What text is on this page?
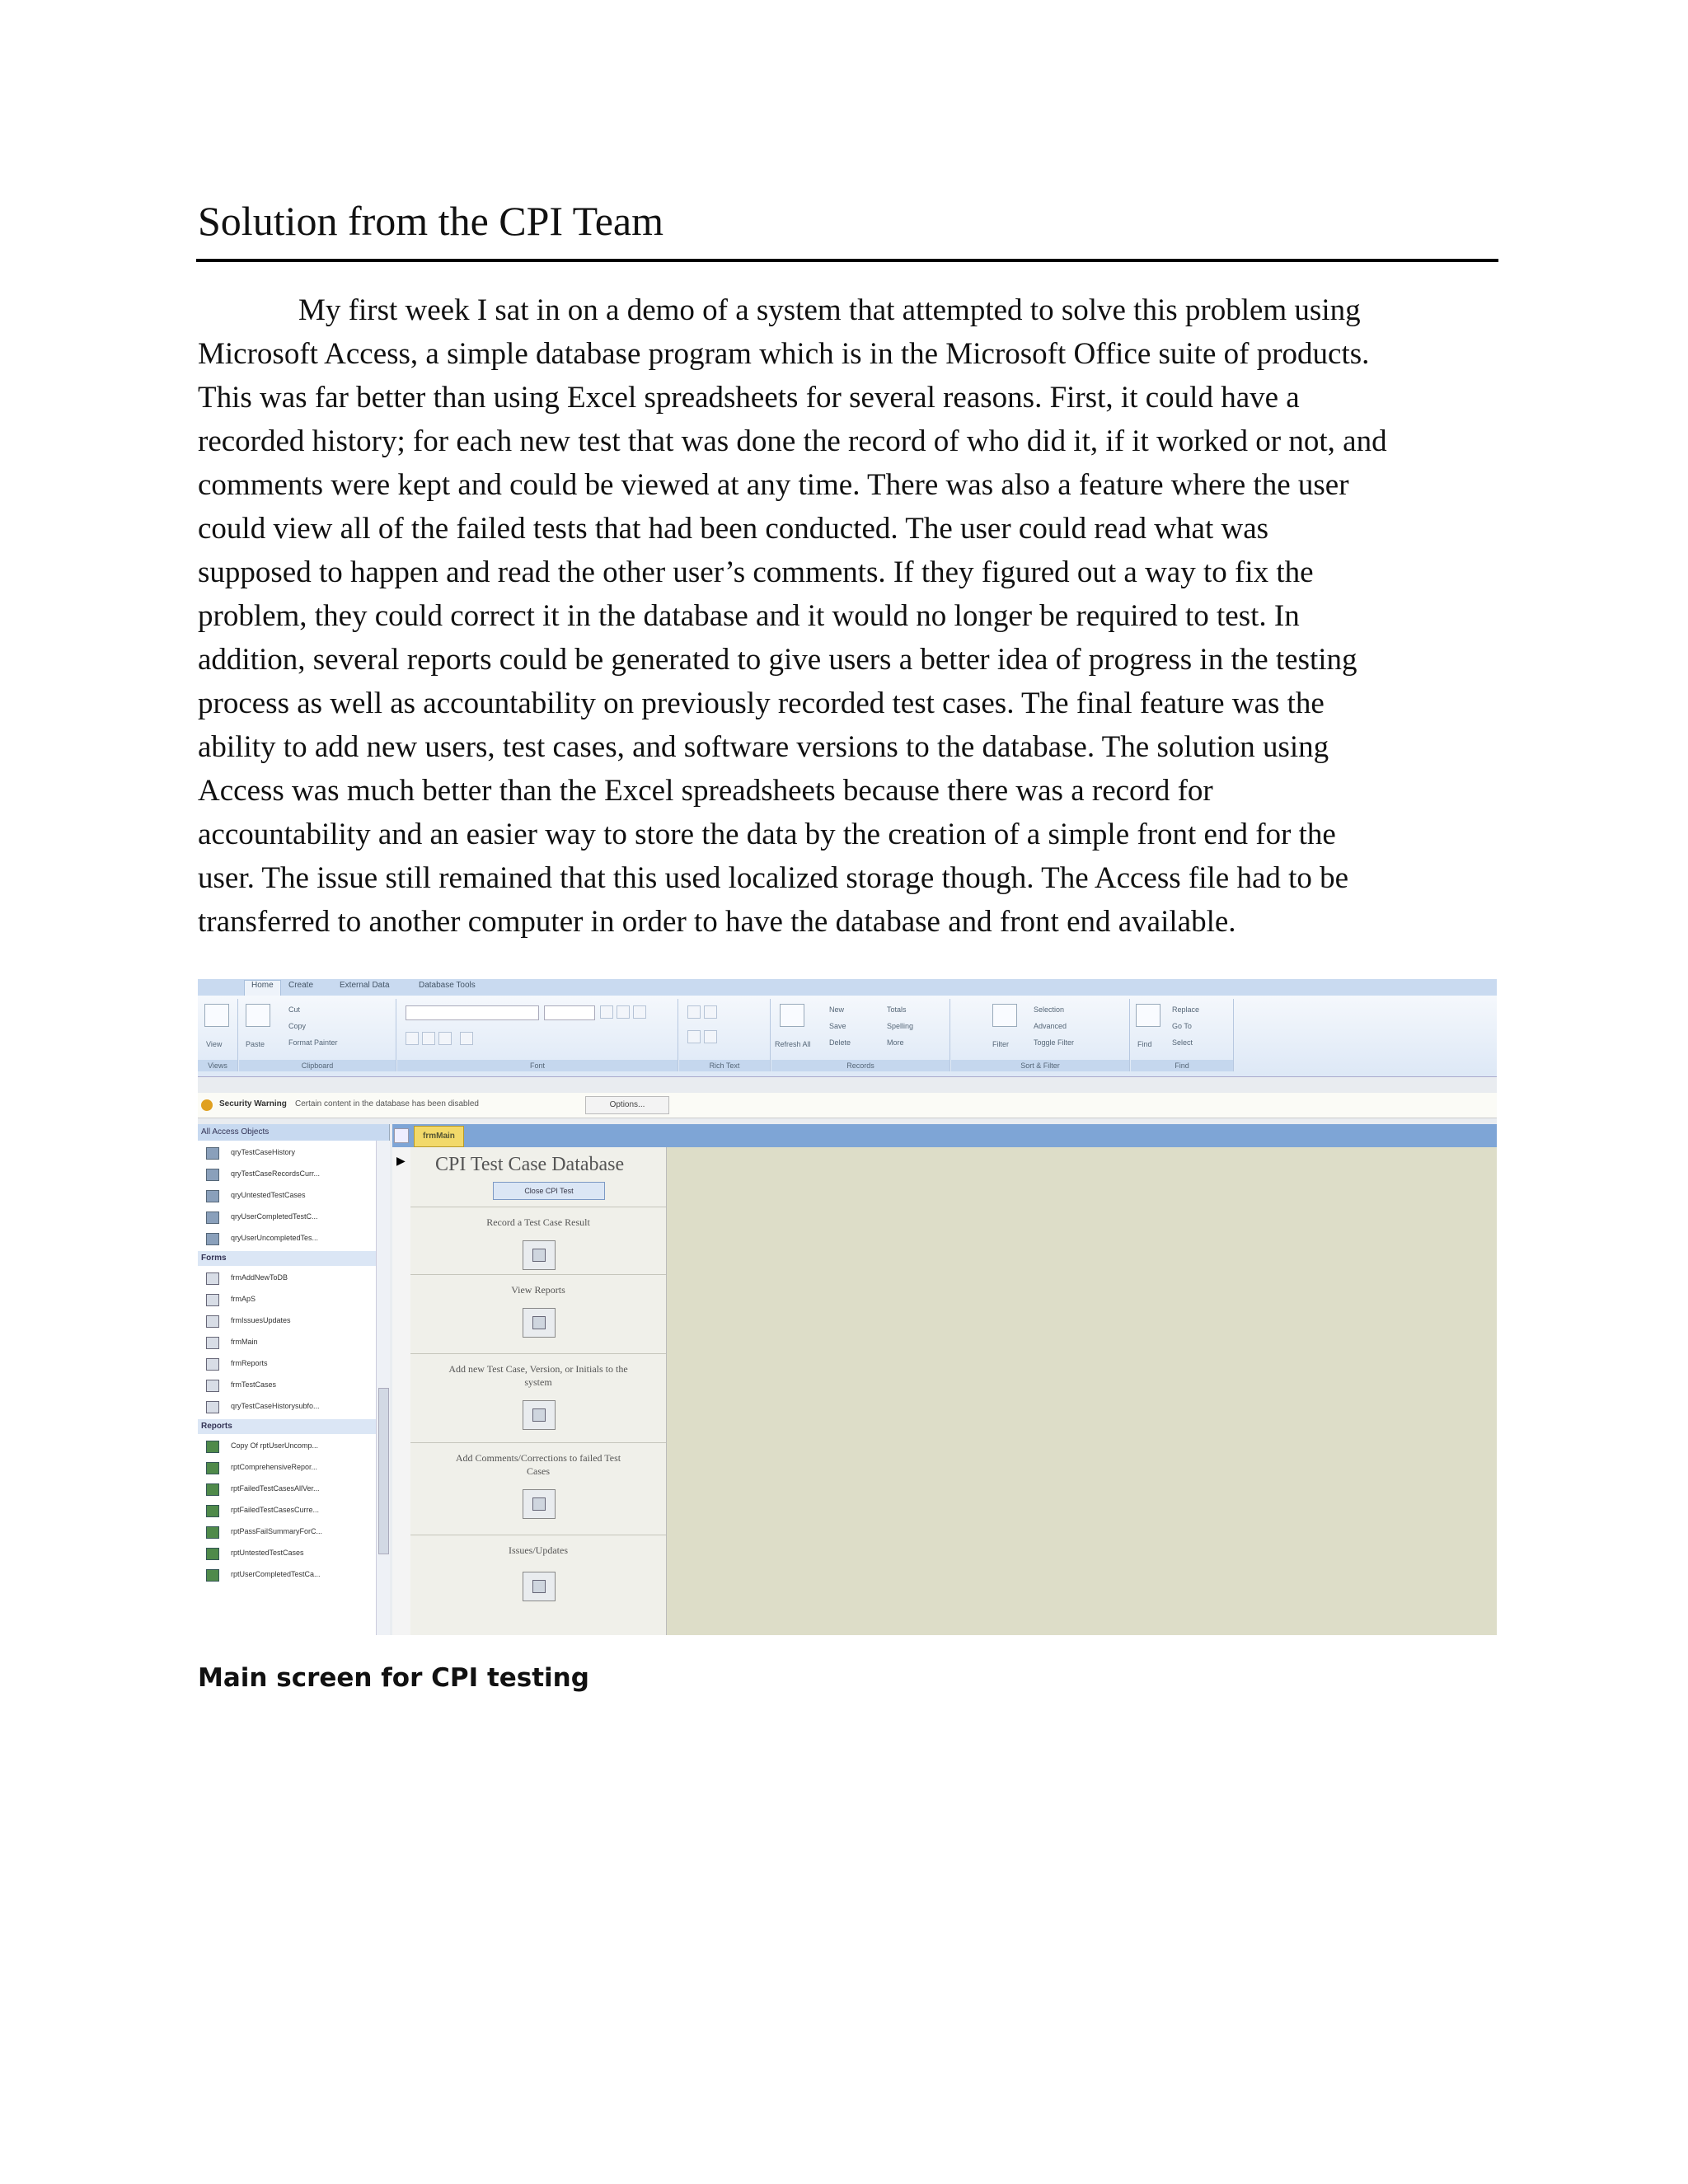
Solution from the CPI Team

My first week I sat in on a demo of a system that attempted to solve this problem using
Microsoft Access, a simple database program which is in the Microsoft Office suite of products.
This was far better than using Excel spreadsheets for several reasons. First, it could have a
recorded history; for each new test that was done the record of who did it, if it worked or not, and
comments were kept and could be viewed at any time. There was also a feature where the user
could view all of the failed tests that had been conducted. The user could read what was
supposed to happen and read the other user’s comments. If they figured out a way to fix the
problem, they could correct it in the database and it would no longer be required to test. In
addition, several reports could be generated to give users a better idea of progress in the testing
process as well as accountability on previously recorded test cases. The final feature was the
ability to add new users, test cases, and software versions to the database. The solution using
Access was much better than the Excel spreadsheets because there was a record for
accountability and an easier way to store the data by the creation of a simple front end for the
user. The issue still remained that this used localized storage though. The Access file had to be
transferred to another computer in order to have the database and front end available.

Home	Create	External Data	Database Tools
View
Views
Paste
Cut
Copy
Format Painter
Clipboard	Font	Rich Text
Refresh All
New
Save
Delete
Totals
Spelling
More
Records
Filter
Selection
Advanced
Toggle Filter
Sort & Filter
Find
Replace
Go To
Select
Find
Security Warning Certain content in the database has been disabled	Options...
All Access Objects
qryTestCaseHistory
qryTestCaseRecordsCurr...
qryUntestedTestCases
qryUserCompletedTestC...
qryUserUncompletedTes...
Forms
frmAddNewToDB
frmApS
frmIssuesUpdates
frmMain
frmReports
frmTestCases
qryTestCaseHistorysubfo...
Reports
Copy Of rptUserUncomp...
rptComprehensiveRepor...
rptFailedTestCasesAllVer...
rptFailedTestCasesCurre...
rptPassFailSummaryForC...
rptUntestedTestCases
rptUserCompletedTestCa...
frmMain
▶ CPI Test Case Database
Close CPI Test
Record a Test Case Result
View Reports
Add new Test Case, Version, or Initials to the system
Add Comments/Corrections to failed Test Cases
Issues/Updates

Main screen for CPI testing
